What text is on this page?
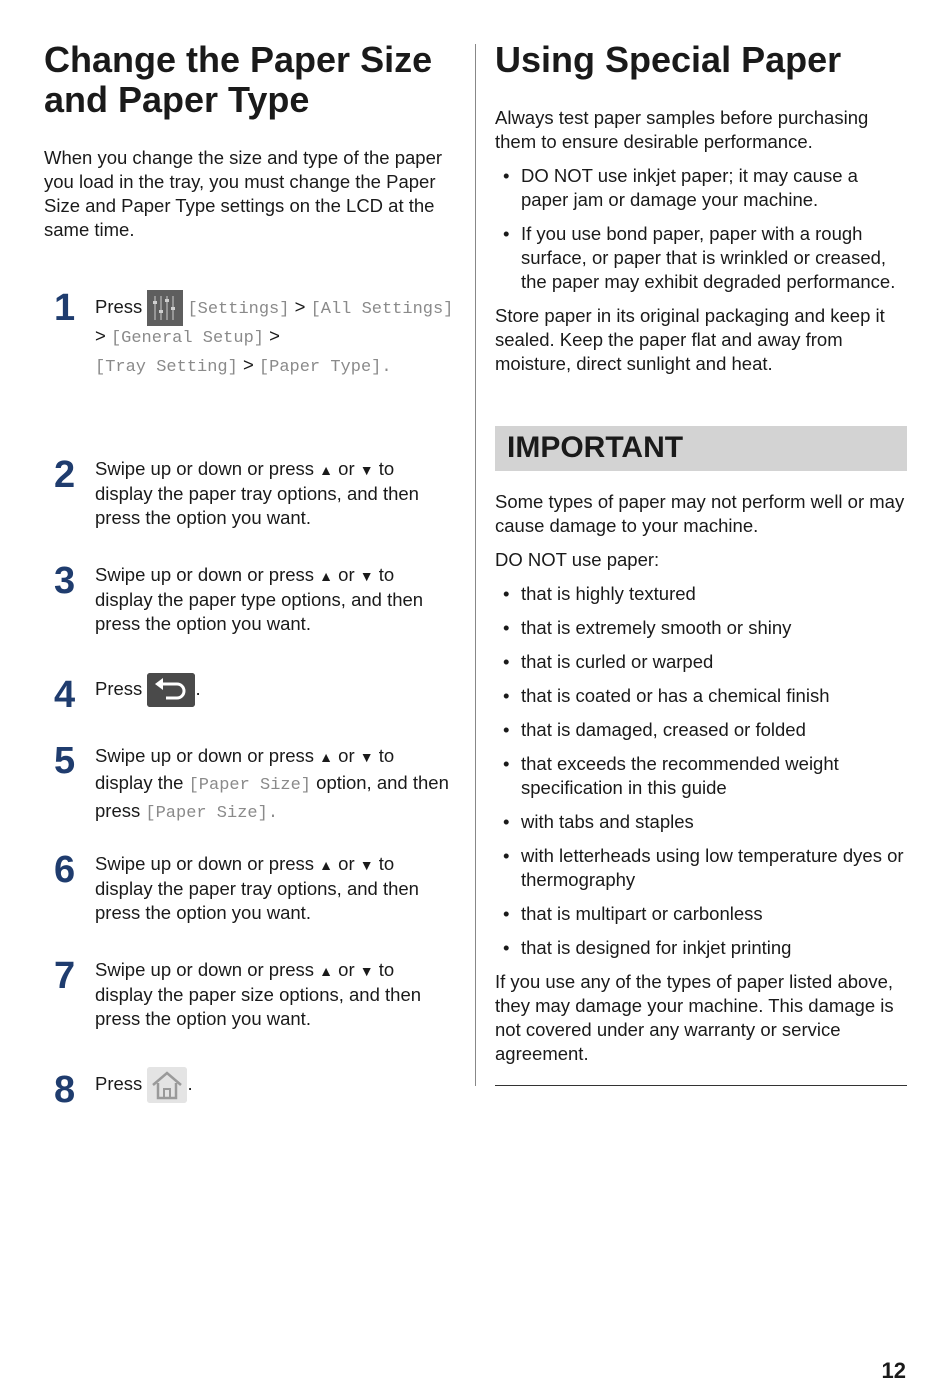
Change the Paper Size
and Paper Type

When you change the size and type of the paper you load in the tray, you must change the Paper Size and Paper Type settings on the LCD at the same time.

1 Press	[Settings] > [All Settings] > [General Setup] >
[Tray Setting] > [Paper Type].
2 Swipe up or down or press ▲ or ▼ to display the paper tray options, and then press the option you want.
3 Swipe up or down or press ▲ or ▼ to display the paper type options, and then press the option you want.
4 Press	.
5 Swipe up or down or press ▲ or ▼ to display the [Paper Size] option, and then press [Paper Size].
6 Swipe up or down or press ▲ or ▼ to display the paper tray options, and then press the option you want.
7 Swipe up or down or press ▲ or ▼ to display the paper size options, and then press the option you want.
8 Press .
Using Special Paper

Always test paper samples before purchasing them to ensure desirable performance.

• DO NOT use inkjet paper; it may cause a paper jam or damage your machine.
• If you use bond paper, paper with a rough surface, or paper that is wrinkled or creased, the paper may exhibit degraded performance.

Store paper in its original packaging and keep it sealed. Keep the paper flat and away from moisture, direct sunlight and heat.

IMPORTANT

Some types of paper may not perform well or may cause damage to your machine.

DO NOT use paper:

• that is highly textured
• that is extremely smooth or shiny
• that is curled or warped
• that is coated or has a chemical finish
• that is damaged, creased or folded
• that exceeds the recommended weight specification in this guide
• with tabs and staples
• with letterheads using low temperature dyes or thermography
• that is multipart or carbonless
• that is designed for inkjet printing

If you use any of the types of paper listed above, they may damage your machine. This damage is not covered under any warranty or service agreement.

12
